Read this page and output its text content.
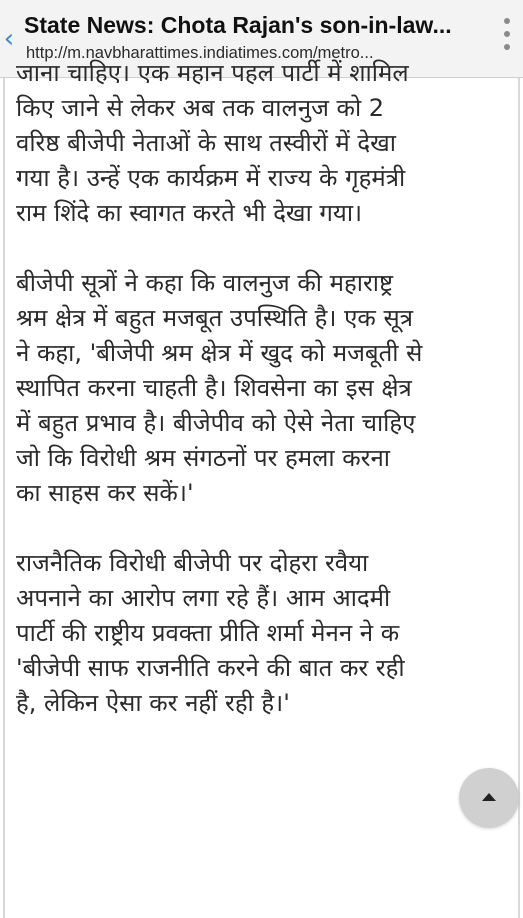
‹ State News: Chota Rajan's son-in-law...
http://m.navbharattimes.indiatimes.com/metro...

जाना चाहिए। एक महान पहल पार्टी में शामिल
किए जाने से लेकर अब तक वालनुज को 2
वरिष्ठ बीजेपी नेताओं के साथ तस्वीरों में देखा
गया है। उन्हें एक कार्यक्रम में राज्य के गृहमंत्री
राम शिंदे का स्वागत करते भी देखा गया।

बीजेपी सूत्रों ने कहा कि वालनुज की महाराष्ट्र
श्रम क्षेत्र में बहुत मजबूत उपस्थिति है। एक सूत्र
ने कहा, 'बीजेपी श्रम क्षेत्र में खुद को मजबूती से
स्थापित करना चाहती है। शिवसेना का इस क्षेत्र
में बहुत प्रभाव है। बीजेपीव को ऐसे नेता चाहिए
जो कि विरोधी श्रम संगठनों पर हमला करना
का साहस कर सकें।'

राजनैतिक विरोधी बीजेपी पर दोहरा रवैया
अपनाने का आरोप लगा रहे हैं। आम आदमी
पार्टी की राष्ट्रीय प्रवक्ता प्रीति शर्मा मेनन ने क
'बीजेपी साफ राजनीति करने की बात कर रही
है, लेकिन ऐसा कर नहीं रही है।'
